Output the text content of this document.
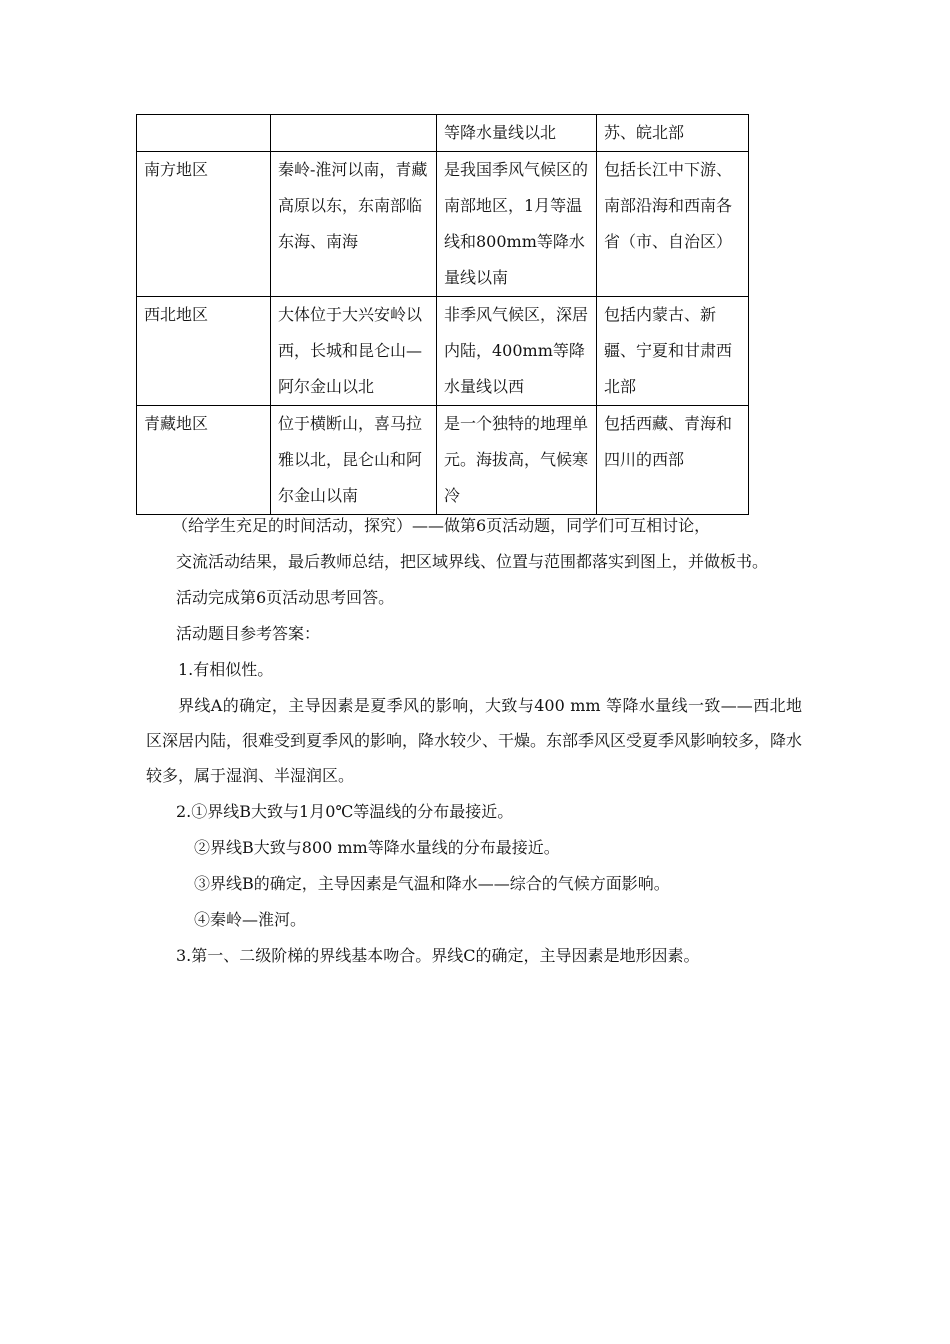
		等降水量线以北	苏、皖北部
南方地区	秦岭-淮河以南，青藏高原以东，东南部临东海、南海	是我国季风气候区的南部地区，1月等温线和800mm等降水量线以南	包括长江中下游、南部沿海和西南各省（市、自治区）
西北地区	大体位于大兴安岭以西，长城和昆仑山—阿尔金山以北	非季风气候区，深居内陆，400mm等降水量线以西	包括内蒙古、新疆、宁夏和甘肃西北部
青藏地区	位于横断山，喜马拉雅以北，昆仑山和阿尔金山以南	是一个独特的地理单元。海拔高，气候寒冷	包括西藏、青海和 四川的西部
（给学生充足的时间活动，探究）——做第6页活动题，同学们可互相讨论，
交流活动结果，最后教师总结，把区域界线、位置与范围都落实到图上，并做板书。
活动完成第6页活动思考回答。
活动题目参考答案：
1.有相似性。
界线A的确定，主导因素是夏季风的影响，大致与400 mm 等降水量线一致——西北地区深居内陆，很难受到夏季风的影响，降水较少、干燥。东部季风区受夏季风影响较多，降水较多，属于湿润、半湿润区。
2.①界线B大致与1月0℃等温线的分布最接近。
②界线B大致与800 mm等降水量线的分布最接近。
③界线B的确定，主导因素是气温和降水——综合的气候方面影响。
④秦岭—淮河。
3.第一、二级阶梯的界线基本吻合。界线C的确定，主导因素是地形因素。
